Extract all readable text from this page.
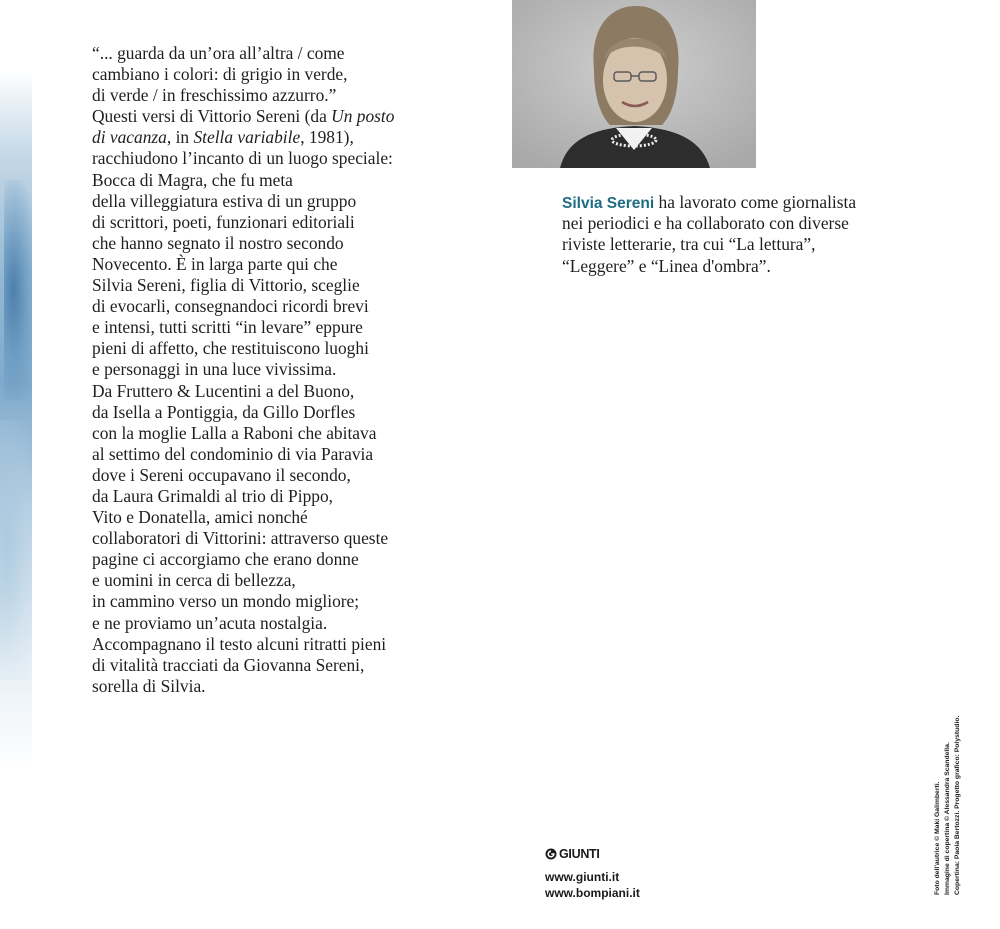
“... guarda da un’ora all’altra / come
cambiano i colori: di grigio in verde,
di verde / in freschissimo azzurro.”
Questi versi di Vittorio Sereni (da Un posto
di vacanza, in Stella variabile, 1981),
racchiudono l’incanto di un luogo speciale:
Bocca di Magra, che fu meta
della villeggiatura estiva di un gruppo
di scrittori, poeti, funzionari editoriali
che hanno segnato il nostro secondo
Novecento. È in larga parte qui che
Silvia Sereni, figlia di Vittorio, sceglie
di evocarli, consegnandoci ricordi brevi
e intensi, tutti scritti “in levare” eppure
pieni di affetto, che restituiscono luoghi
e personaggi in una luce vivissima.
Da Fruttero & Lucentini a del Buono,
da Isella a Pontiggia, da Gillo Dorfles
con la moglie Lalla a Raboni che abitava
al settimo del condominio di via Paravia
dove i Sereni occupavano il secondo,
da Laura Grimaldi al trio di Pippo,
Vito e Donatella, amici nonché
collaboratori di Vittorini: attraverso queste
pagine ci accorgiamo che erano donne
e uomini in cerca di bellezza,
in cammino verso un mondo migliore;
e ne proviamo un’acuta nostalgia.
Accompagnano il testo alcuni ritratti pieni
di vitalità tracciati da Giovanna Sereni,
sorella di Silvia.
Silvia Sereni ha lavorato come giornalista
nei periodici e ha collaborato con diverse
riviste letterarie, tra cui “La lettura”,
“Leggere” e “Linea d'ombra”.
GIUNTI
www.giunti.it
www.bompiani.it	Foto dell'autrice © Maki Galimberti. Immagine di copertina © Alessandra Scandella. Copertina: Paola Bertozzi. Progetto grafico: Polystudio.
